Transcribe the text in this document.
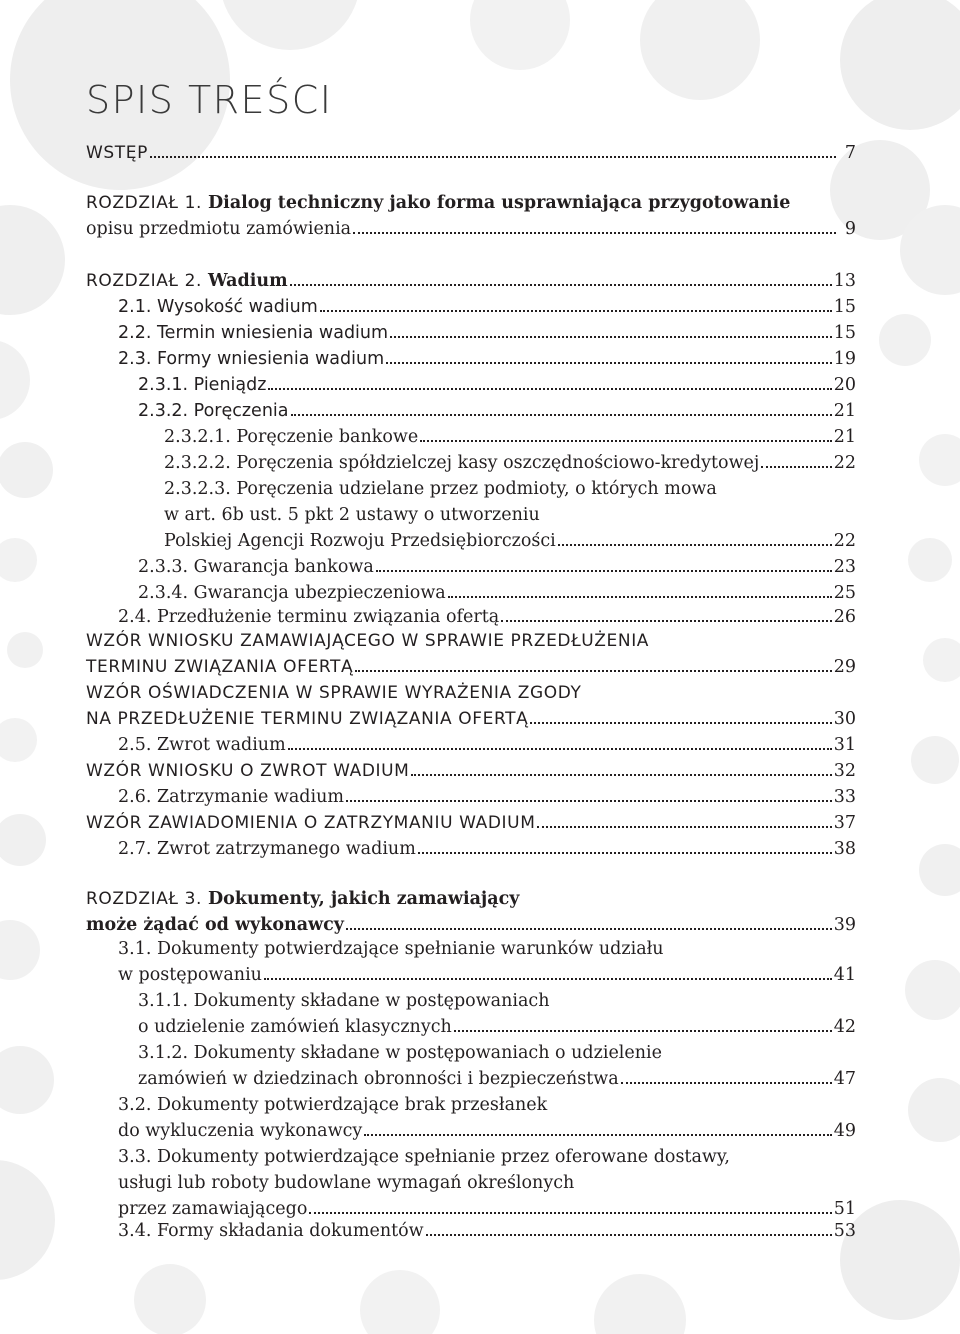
SPIS TREŚCI
WSTĘP	7
ROZDZIAŁ 1. Dialog techniczny jako forma usprawniająca przygotowanie
opisu przedmiotu zamówienia	9
ROZDZIAŁ 2. Wadium	13
2.1. Wysokość wadium	15
2.2. Termin wniesienia wadium	15
2.3. Formy wniesienia wadium	19
2.3.1. Pieniądz	20
2.3.2. Poręczenia	21
2.3.2.1. Poręczenie bankowe	21
2.3.2.2. Poręczenia spółdzielczej kasy oszczędnościowo-kredytowej	22
2.3.2.3. Poręczenia udzielane przez podmioty, o których mowa
w art. 6b ust. 5 pkt 2 ustawy o utworzeniu
Polskiej Agencji Rozwoju Przedsiębiorczości	22
2.3.3. Gwarancja bankowa	23
2.3.4. Gwarancja ubezpieczeniowa	25
2.4. Przedłużenie terminu związania ofertą	26
WZÓR WNIOSKU ZAMAWIAJĄCEGO W SPRAWIE PRZEDŁUŻENIA
TERMINU ZWIĄZANIA OFERTĄ	29
WZÓR OŚWIADCZENIA W SPRAWIE WYRAŻENIA ZGODY
NA PRZEDŁUŻENIE TERMINU ZWIĄZANIA OFERTĄ	30
2.5. Zwrot wadium	31
WZÓR WNIOSKU O ZWROT WADIUM	32
2.6. Zatrzymanie wadium	33
WZÓR ZAWIADOMIENIA O ZATRZYMANIU WADIUM	37
2.7. Zwrot zatrzymanego wadium	38
ROZDZIAŁ 3. Dokumenty, jakich zamawiający
może żądać od wykonawcy	39
3.1. Dokumenty potwierdzające spełnianie warunków udziału
w postępowaniu	41
3.1.1. Dokumenty składane w postępowaniach
o udzielenie zamówień klasycznych	42
3.1.2. Dokumenty składane w postępowaniach o udzielenie
zamówień w dziedzinach obronności i bezpieczeństwa	47
3.2. Dokumenty potwierdzające brak przesłanek
do wykluczenia wykonawcy	49
3.3. Dokumenty potwierdzające spełnianie przez oferowane dostawy,
usługi lub roboty budowlane wymagań określonych
przez zamawiającego	51
3.4. Formy składania dokumentów	53
